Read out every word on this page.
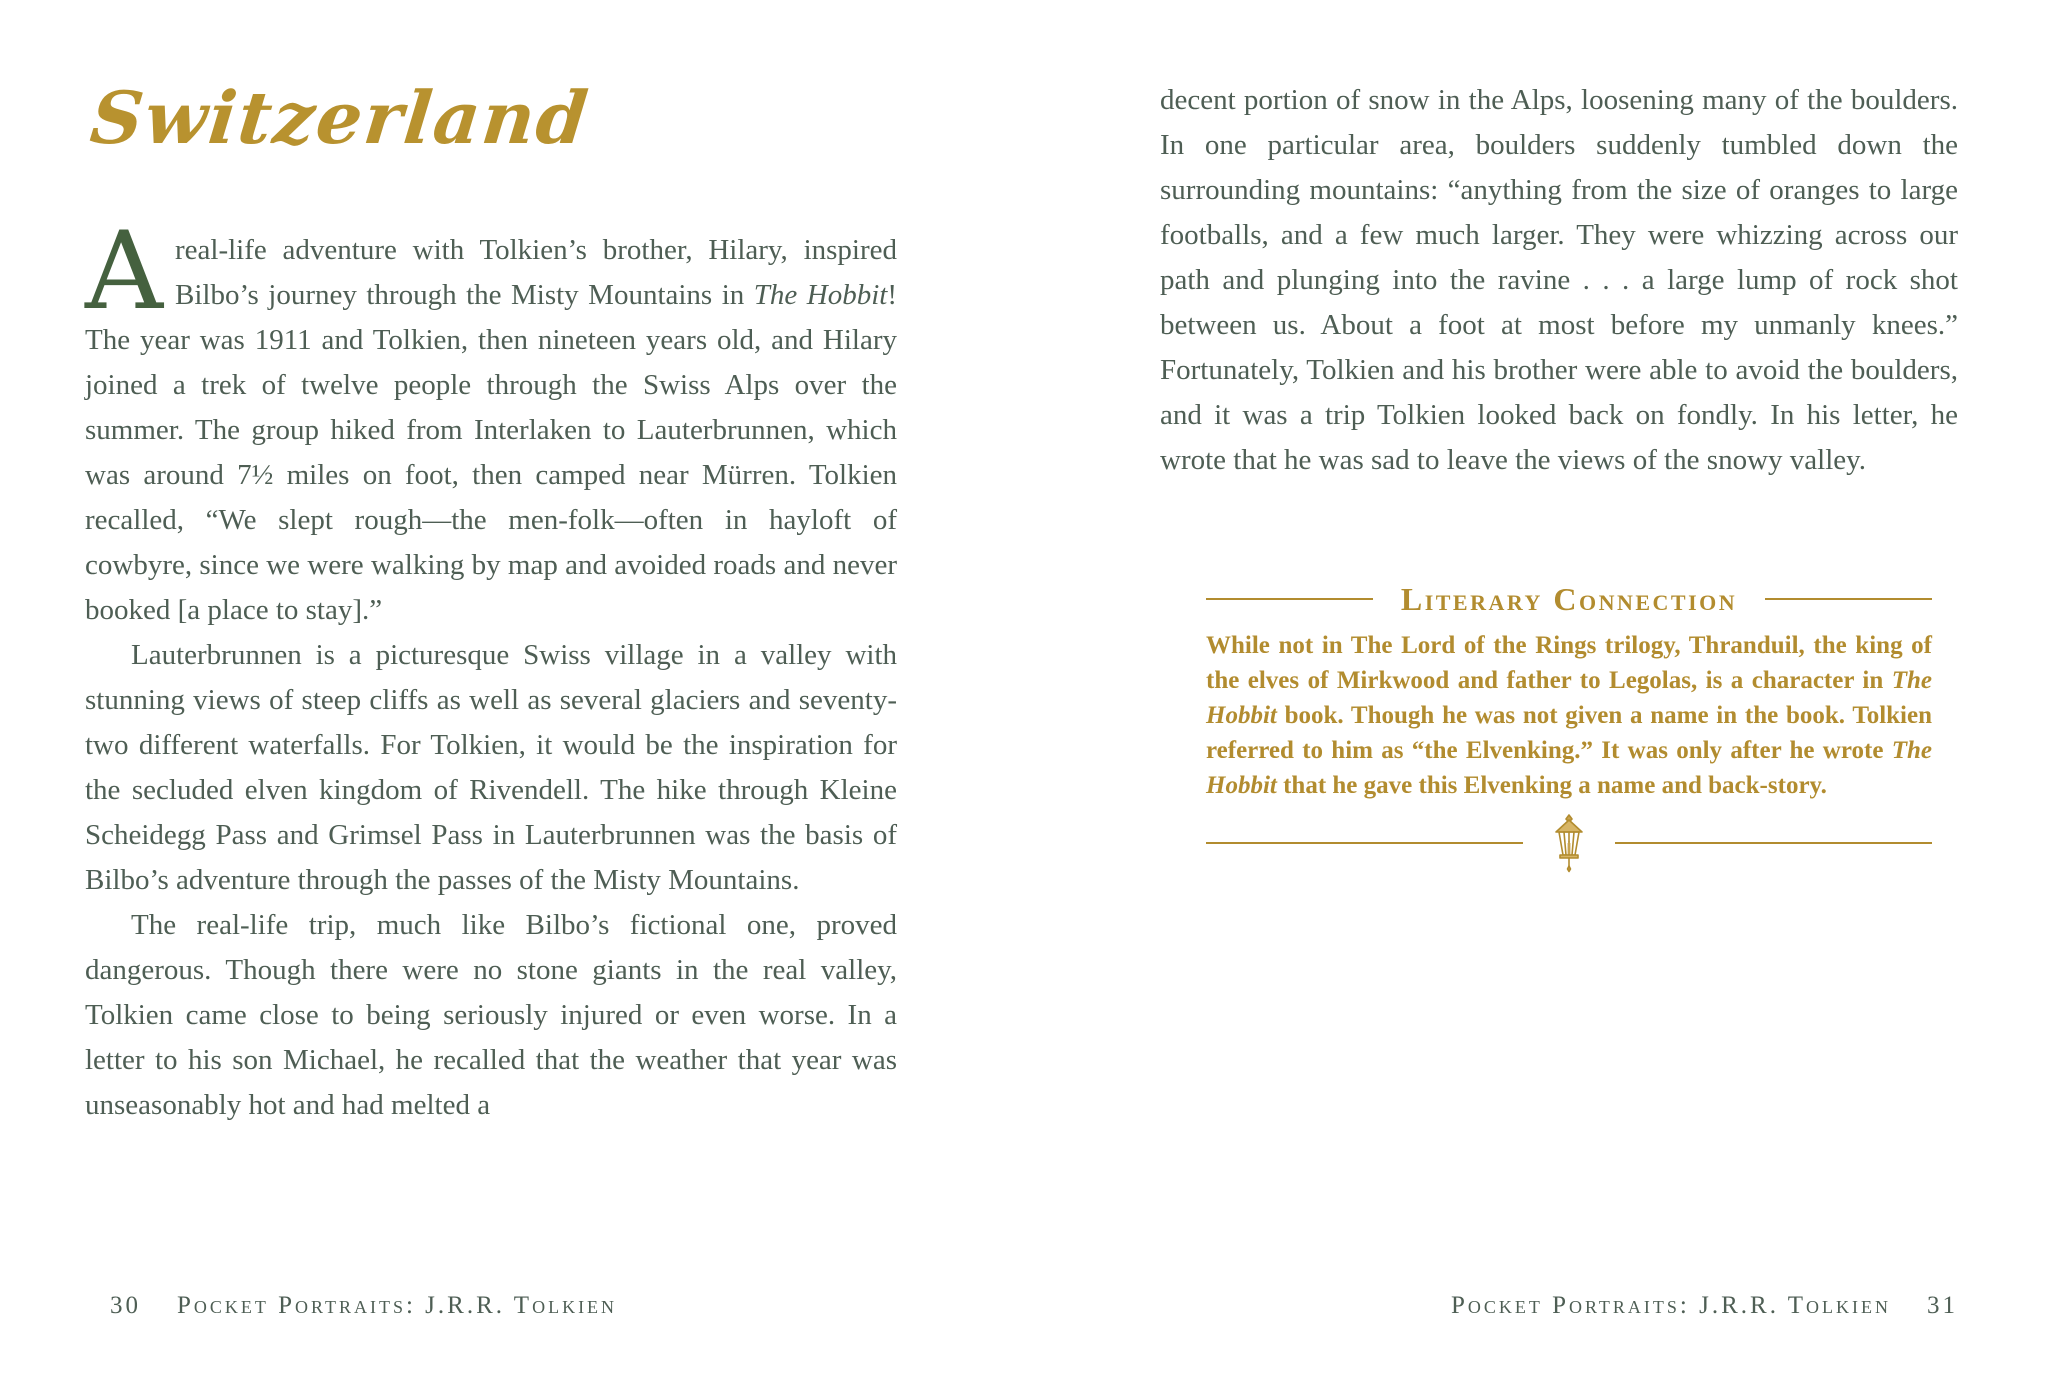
Switzerland

Areal-life adventure with Tolkien’s brother, Hilary, inspired Bilbo’s journey through the Misty Mountains in The Hobbit! The year was 1911 and Tolkien, then nineteen years old, and Hilary joined a trek of twelve people through the Swiss Alps over the summer. The group hiked from Interlaken to Lauterbrunnen, which was around 7½ miles on foot, then camped near Mürren. Tolkien recalled, “We slept rough—the men-folk—often in hayloft of cowbyre, since we were walking by map and avoided roads and never booked [a place to stay].”

Lauterbrunnen is a picturesque Swiss village in a valley with stunning views of steep cliffs as well as several glaciers and seventy-two different waterfalls. For Tolkien, it would be the inspiration for the secluded elven kingdom of Rivendell. The hike through Kleine Scheidegg Pass and Grimsel Pass in Lauterbrunnen was the basis of Bilbo’s adventure through the passes of the Misty Mountains.

The real-life trip, much like Bilbo’s fictional one, proved dangerous. Though there were no stone giants in the real valley, Tolkien came close to being seriously injured or even worse. In a letter to his son Michael, he recalled that the weather that year was unseasonably hot and had melted a

30 Pocket Portraits: J.R.R. Tolkien

decent portion of snow in the Alps, loosening many of the boulders. In one particular area, boulders suddenly tumbled down the surrounding mountains: “anything from the size of oranges to large footballs, and a few much larger. They were whizzing across our path and plunging into the ravine . . . a large lump of rock shot between us. About a foot at most before my unmanly knees.” Fortunately, Tolkien and his brother were able to avoid the boulders, and it was a trip Tolkien looked back on fondly. In his letter, he wrote that he was sad to leave the views of the snowy valley.

Literary Connection

While not in The Lord of the Rings trilogy, Thranduil, the king of the elves of Mirkwood and father to Legolas, is a character in The Hobbit book. Though he was not given a name in the book. Tolkien referred to him as “the Elvenking.” It was only after he wrote The Hobbit that he gave this Elvenking a name and back-story.

Pocket Portraits: J.R.R. Tolkien 31
